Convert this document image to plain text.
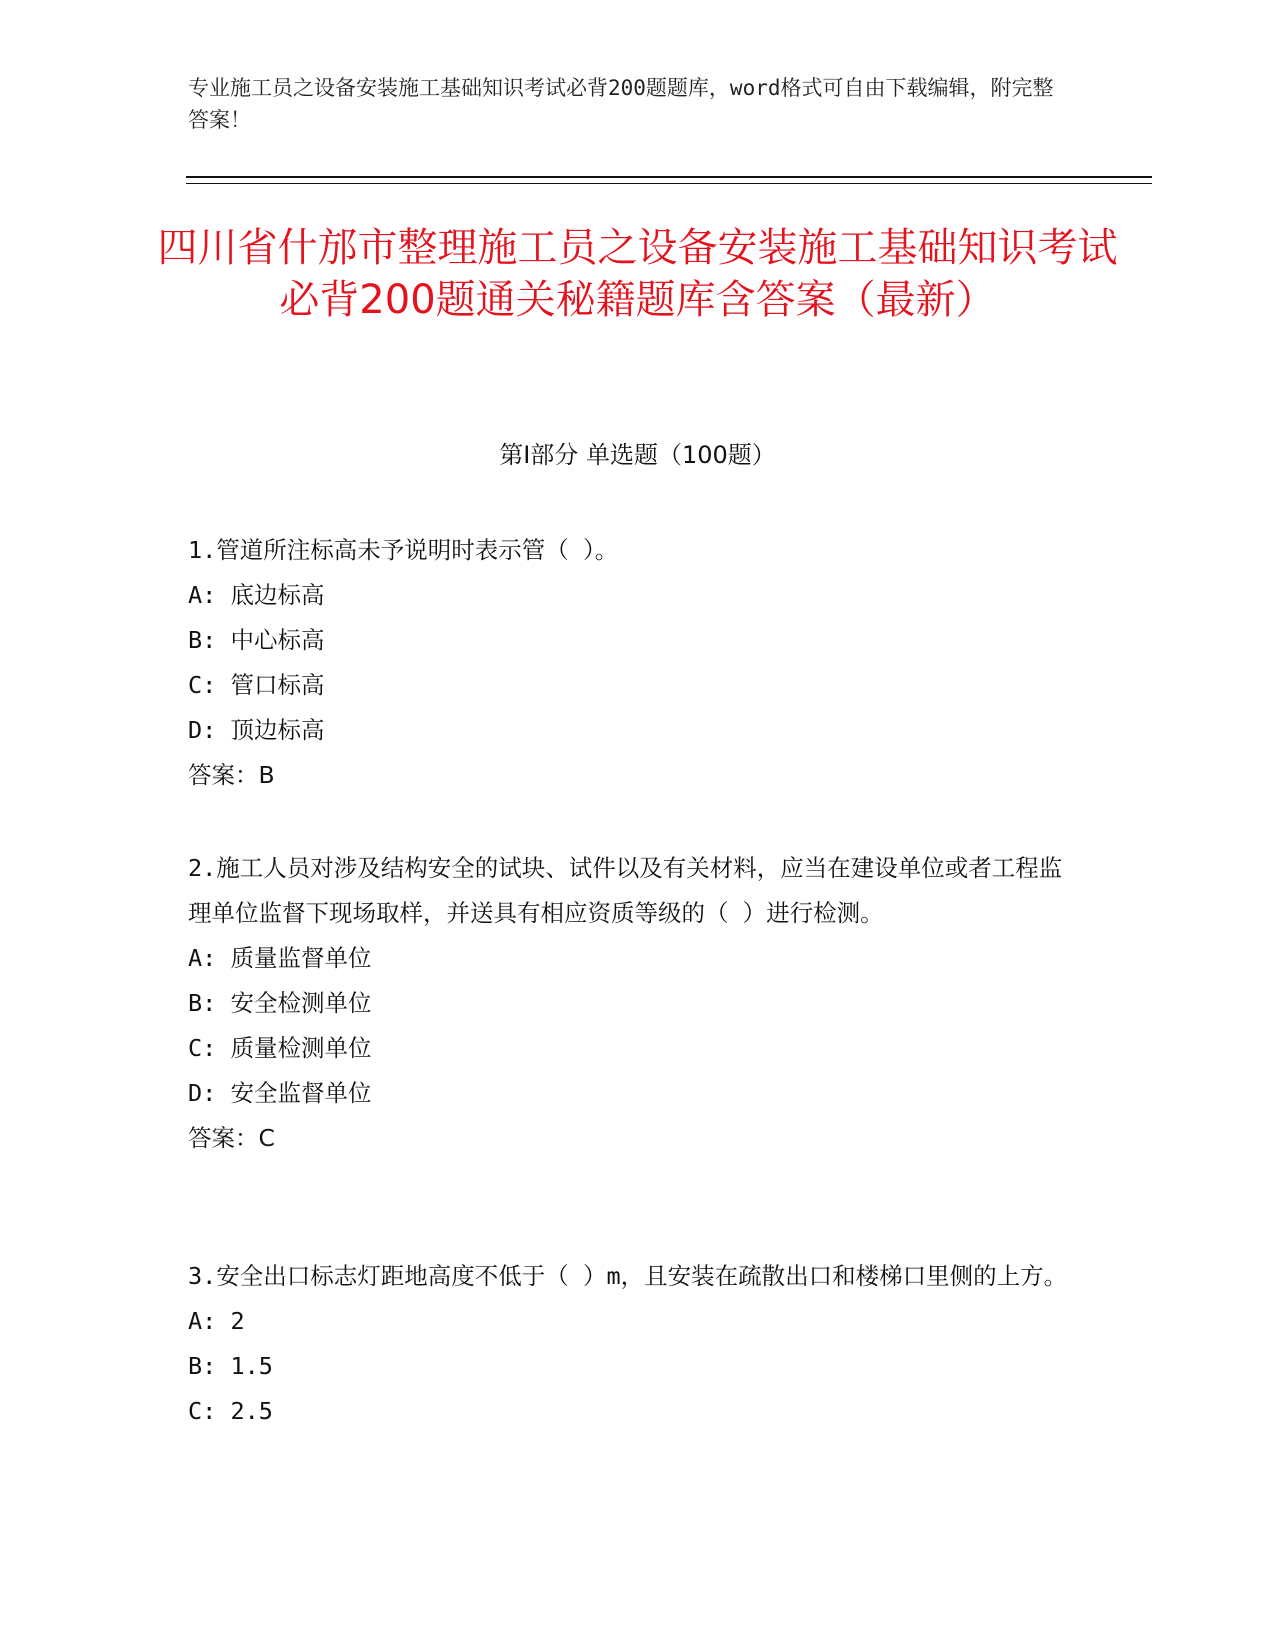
专业施工员之设备安装施工基础知识考试必背200题题库，word格式可自由下载编辑，附完整答案！

四川省什邡市整理施工员之设备安装施工基础知识考试必背200题通关秘籍题库含答案（最新）
第Ⅰ部分 单选题（100题）

1.管道所注标高未予说明时表示管（ ）。

A: 底边标高

B: 中心标高

C: 管口标高

D: 顶边标高

答案：B

2.施工人员对涉及结构安全的试块、试件以及有关材料，应当在建设单位或者工程监理单位监督下现场取样，并送具有相应资质等级的（ ）进行检测。

A: 质量监督单位

B: 安全检测单位

C: 质量检测单位

D: 安全监督单位

答案：C

3.安全出口标志灯距地高度不低于（ ）m，且安装在疏散出口和楼梯口里侧的上方。

A: 2

B: 1.5

C: 2.5
